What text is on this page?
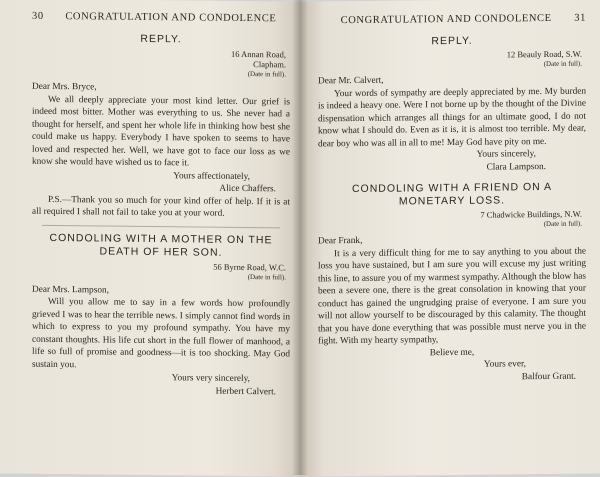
30	CONGRATULATION AND CONDOLENCE
REPLY.
16 Annan Road,
Clapham.
(Date in full).

Dear Mrs. Bryce,

We all deeply appreciate your most kind letter. Our grief is indeed most bitter. Mother was everything to us. She never had a thought for herself, and spent her whole life in thinking how best she could make us happy. Everybody I have spoken to seems to have loved and respected her. Well, we have got to face our loss as we know she would have wished us to face it.

Yours affectionately,

Alice Chaffers.

P.S.—Thank you so much for your kind offer of help. If it is at all required I shall not fail to take you at your word.

CONDOLING WITH A MOTHER ON THE
DEATH OF HER SON.
56 Byrne Road, W.C.
(Date in full).

Dear Mrs. Lampson,

Will you allow me to say in a few words how profoundly grieved I was to hear the terrible news. I simply cannot find words in which to express to you my profound sympathy. You have my constant thoughts. His life cut short in the full flower of manhood, a life so full of promise and goodness—it is too shocking. May God sustain you.

Yours very sincerely,

Herbert Calvert.

CONGRATULATION AND CONDOLENCE	31
REPLY.
12 Beauly Road, S.W.
(Date in full).

Dear Mr. Calvert,

Your words of sympathy are deeply appreciated by me. My burden is indeed a heavy one. Were I not borne up by the thought of the Divine dispensation which arranges all things for an ultimate good, I do not know what I should do. Even as it is, it is almost too terrible. My dear, dear boy who was all in all to me! May God have pity on me.

Yours sincerely,

Clara Lampson.

CONDOLING WITH A FRIEND ON A
MONETARY LOSS.
7 Chadwicke Buildings, N.W.
(Date in full).

Dear Frank,

It is a very difficult thing for me to say anything to you about the loss you have sustained, but I am sure you will excuse my just writing this line, to assure you of my warmest sympathy. Although the blow has been a severe one, there is the great consolation in knowing that your conduct has gained the ungrudging praise of everyone. I am sure you will not allow yourself to be discouraged by this calamity. The thought that you have done everything that was possible must nerve you in the fight. With my hearty sympathy,

Believe me,

Yours ever,

Balfour Grant.
